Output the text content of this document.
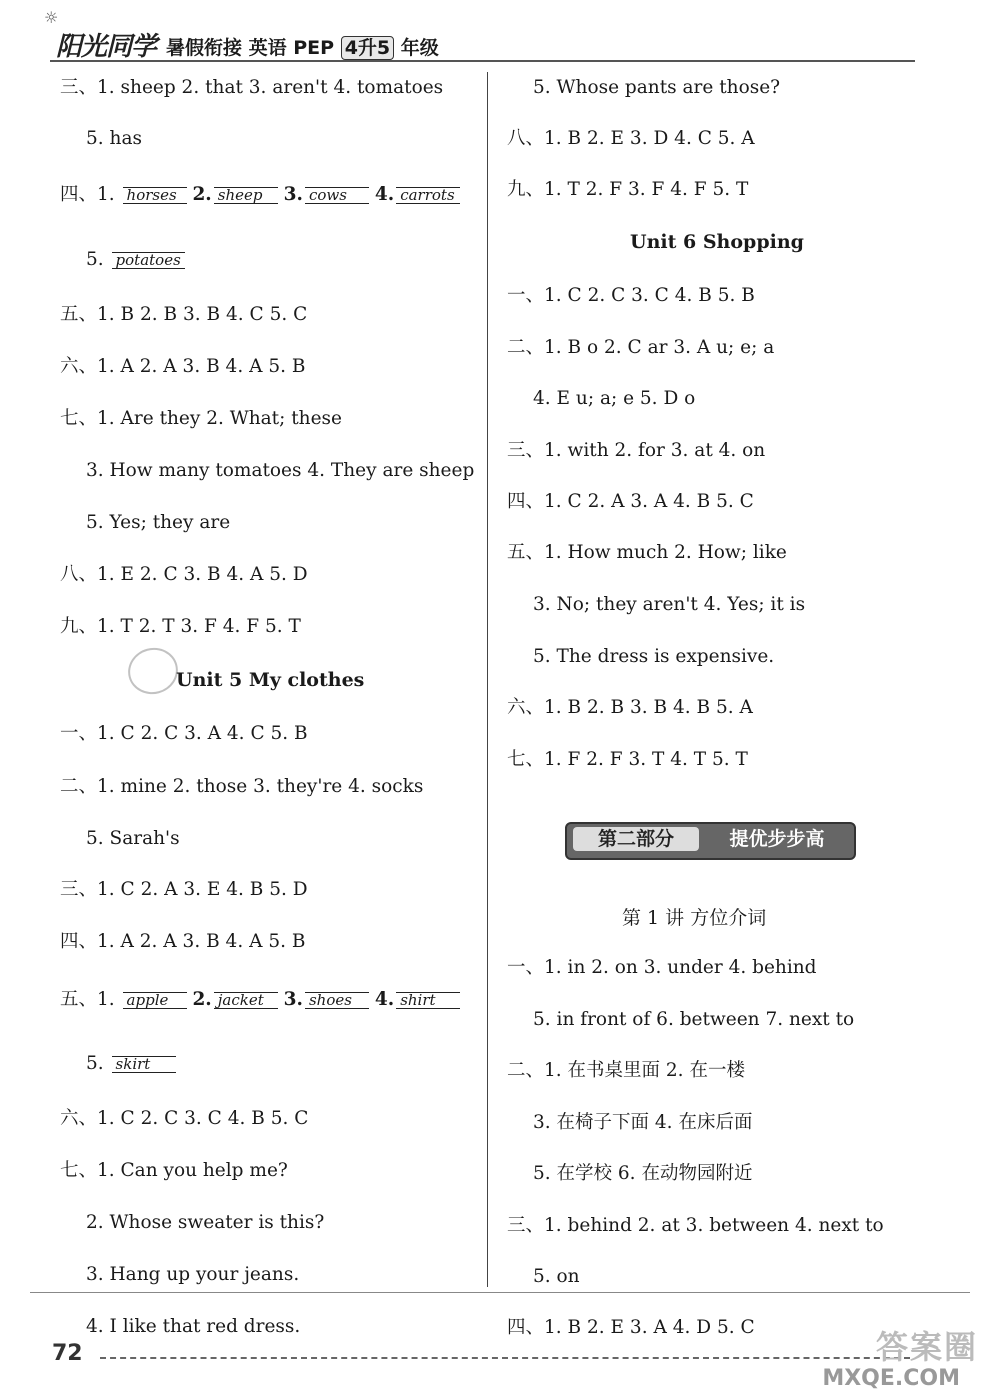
☼
阳光同学 暑假衔接 英语 PEP 4升5 年级
三、1. sheep 2. that 3. aren't 4. tomatoes
5. has
四、1. horses 2. sheep 3. cows 4. carrots
5. potatoes
五、1. B 2. B 3. B 4. C 5. C
六、1. A 2. A 3. B 4. A 5. B
七、1. Are they 2. What; these
3. How many tomatoes 4. They are sheep
5. Yes; they are
八、1. E 2. C 3. B 4. A 5. D
九、1. T 2. T 3. F 4. F 5. T
Unit 5 My clothes
一、1. C 2. C 3. A 4. C 5. B
二、1. mine 2. those 3. they're 4. socks
5. Sarah's
三、1. C 2. A 3. E 4. B 5. D
四、1. A 2. A 3. B 4. A 5. B
五、1. apple 2. jacket 3. shoes 4. shirt
5. skirt
六、1. C 2. C 3. C 4. B 5. C
七、1. Can you help me?
2. Whose sweater is this?
3. Hang up your jeans.
4. I like that red dress.
5. Whose pants are those?
八、1. B 2. E 3. D 4. C 5. A
九、1. T 2. F 3. F 4. F 5. T
Unit 6 Shopping
一、1. C 2. C 3. C 4. B 5. B
二、1. B o 2. C ar 3. A u; e; a
4. E u; a; e 5. D o
三、1. with 2. for 3. at 4. on
四、1. C 2. A 3. A 4. B 5. C
五、1. How much 2. How; like
3. No; they aren't 4. Yes; it is
5. The dress is expensive.
六、1. B 2. B 3. B 4. B 5. A
七、1. F 2. F 3. T 4. T 5. T
第二部分	提优步步高
第 1 讲 方位介词
一、1. in 2. on 3. under 4. behind
5. in front of 6. between 7. next to
二、1. 在书桌里面 2. 在一楼
3. 在椅子下面 4. 在床后面
5. 在学校 6. 在动物园附近
三、1. behind 2. at 3. between 4. next to
5. on
四、1. B 2. E 3. A 4. D 5. C
72	答案圈
MXQE.COM
